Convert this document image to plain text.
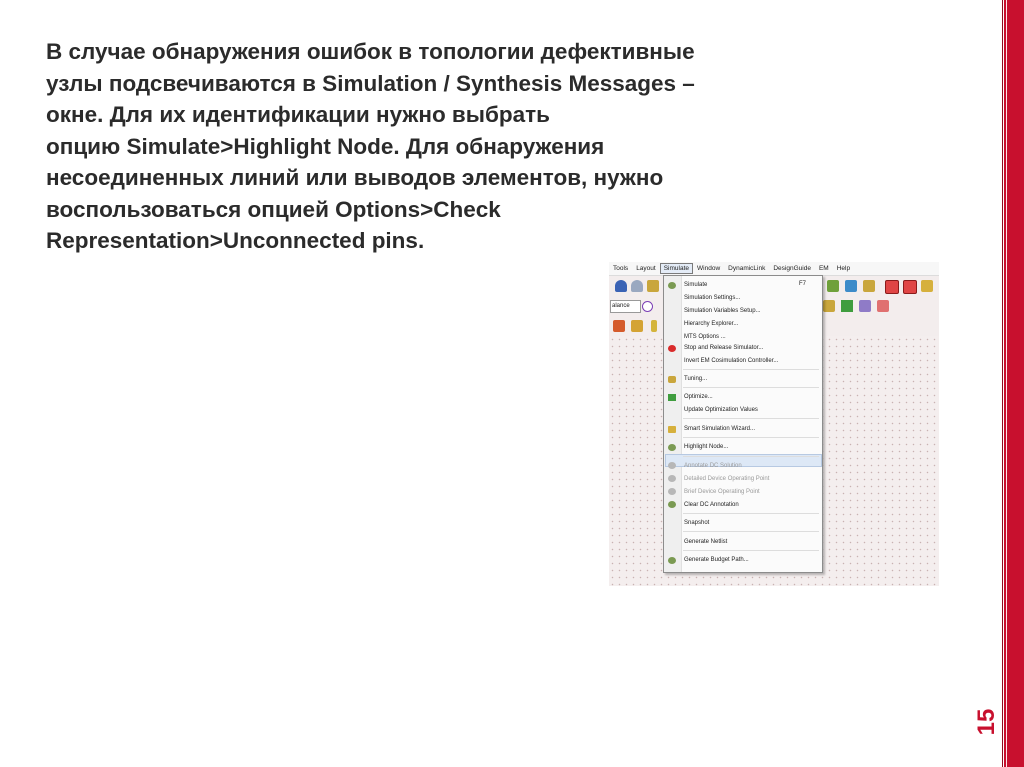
15

В случае обнаружения ошибок в топологии дефективные
узлы подсвечиваются в Simulation / Synthesis Messages –
окне. Для их идентификации нужно выбрать
опцию Simulate>Highlight Node. Для обнаружения
несоединенных линий или выводов элементов, нужно
воспользоваться опцией Options>Check
Representation>Unconnected pins.

Tools	Layout	Simulate	Window	DynamicLink	DesignGuide	EM	Help
alance
F7
Simulate
Simulation Settings...
Simulation Variables Setup...
Hierarchy Explorer...
MTS Options ...
Stop and Release Simulator...
Invert EM Cosimulation Controller...
Tuning...
Optimize...
Update Optimization Values
Smart Simulation Wizard...
Highlight Node...
Annotate DC Solution
Detailed Device Operating Point
Brief Device Operating Point
Clear DC Annotation
Snapshot
Generate Netlist
Generate Budget Path...
